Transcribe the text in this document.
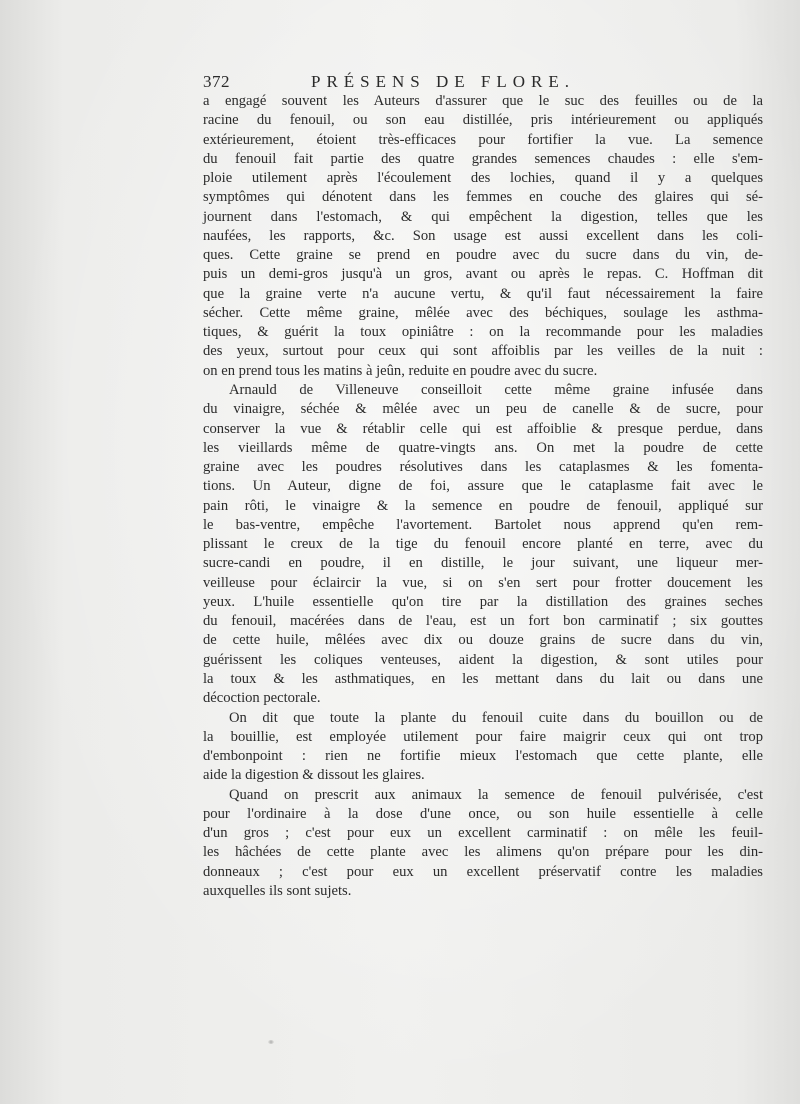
372	PRÉSENS DE FLORE.
a engagé souvent les Auteurs d'assurer que le suc des feuilles ou de la
racine du fenouil, ou son eau distillée, pris intérieurement ou appliqués
extérieurement, étoient très-efficaces pour fortifier la vue. La semence
du fenouil fait partie des quatre grandes semences chaudes : elle s'em-
ploie utilement après l'écoulement des lochies, quand il y a quelques
symptômes qui dénotent dans les femmes en couche des glaires qui sé-
journent dans l'estomach, & qui empêchent la digestion, telles que les
naufées, les rapports, &c. Son usage est aussi excellent dans les coli-
ques. Cette graine se prend en poudre avec du sucre dans du vin, de-
puis un demi-gros jusqu'à un gros, avant ou après le repas. C. Hoffman dit
que la graine verte n'a aucune vertu, & qu'il faut nécessairement la faire
sécher. Cette même graine, mêlée avec des béchiques, soulage les asthma-
tiques, & guérit la toux opiniâtre : on la recommande pour les maladies
des yeux, surtout pour ceux qui sont affoiblis par les veilles de la nuit :
on en prend tous les matins à jeûn, reduite en poudre avec du sucre.
Arnauld de Villeneuve conseilloit cette même graine infusée dans
du vinaigre, séchée & mêlée avec un peu de canelle & de sucre, pour
conserver la vue & rétablir celle qui est affoiblie & presque perdue, dans
les vieillards même de quatre-vingts ans. On met la poudre de cette
graine avec les poudres résolutives dans les cataplasmes & les fomenta-
tions. Un Auteur, digne de foi, assure que le cataplasme fait avec le
pain rôti, le vinaigre & la semence en poudre de fenouil, appliqué sur
le bas-ventre, empêche l'avortement. Bartolet nous apprend qu'en rem-
plissant le creux de la tige du fenouil encore planté en terre, avec du
sucre-candi en poudre, il en distille, le jour suivant, une liqueur mer-
veilleuse pour éclaircir la vue, si on s'en sert pour frotter doucement les
yeux. L'huile essentielle qu'on tire par la distillation des graines seches
du fenouil, macérées dans de l'eau, est un fort bon carminatif ; six gouttes
de cette huile, mêlées avec dix ou douze grains de sucre dans du vin,
guérissent les coliques venteuses, aident la digestion, & sont utiles pour
la toux & les asthmatiques, en les mettant dans du lait ou dans une
décoction pectorale.
On dit que toute la plante du fenouil cuite dans du bouillon ou de
la bouillie, est employée utilement pour faire maigrir ceux qui ont trop
d'embonpoint : rien ne fortifie mieux l'estomach que cette plante, elle
aide la digestion & dissout les glaires.
Quand on prescrit aux animaux la semence de fenouil pulvérisée, c'est
pour l'ordinaire à la dose d'une once, ou son huile essentielle à celle
d'un gros ; c'est pour eux un excellent carminatif : on mêle les feuil-
les hâchées de cette plante avec les alimens qu'on prépare pour les din-
donneaux ; c'est pour eux un excellent préservatif contre les maladies
auxquelles ils sont sujets.
